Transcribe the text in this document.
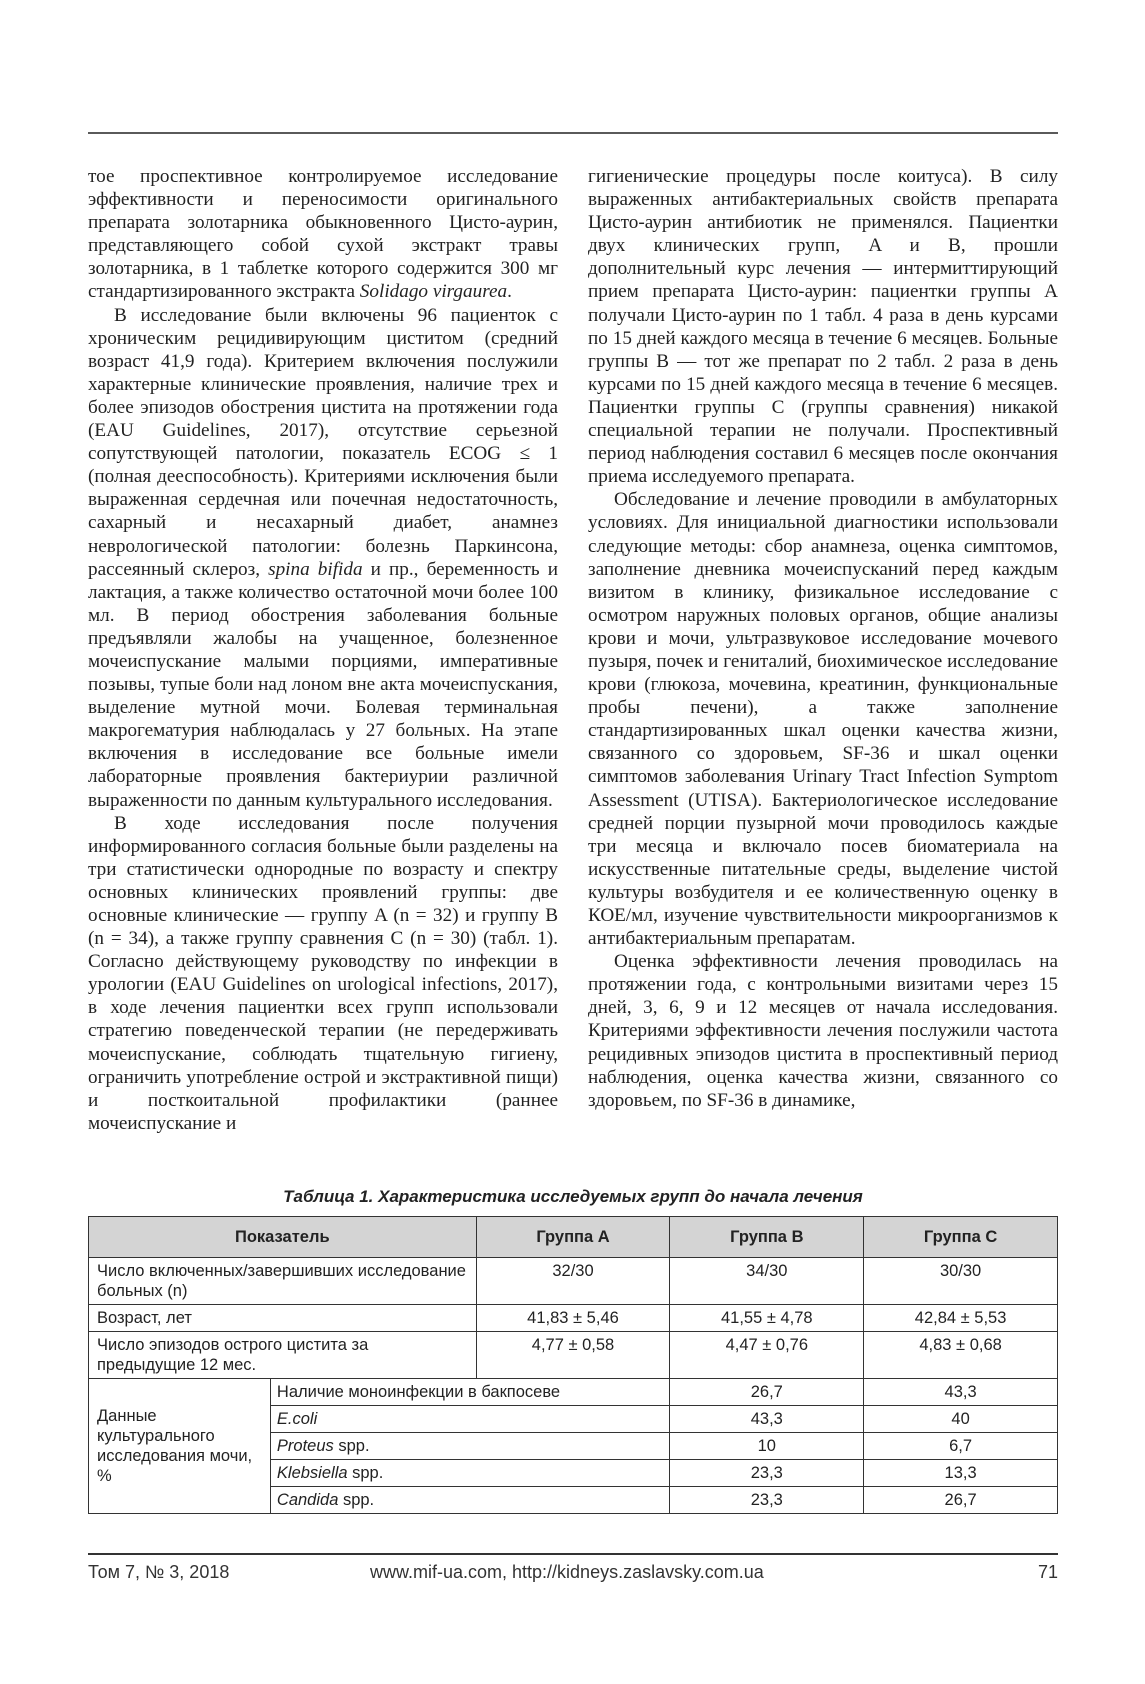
тое проспективное контролируемое исследование эффективности и переносимости оригинального препарата золотарника обыкновенного Цисто-аурин, представляющего собой сухой экстракт травы золотарника, в 1 таблетке которого содержится 300 мг стандартизированного экстракта Solidago virgaurea.

В исследование были включены 96 пациенток с хроническим рецидивирующим циститом (средний возраст 41,9 года). Критерием включения послужили характерные клинические проявления, наличие трех и более эпизодов обострения цистита на протяжении года (EAU Guidelines, 2017), отсутствие серьезной сопутствующей патологии, показатель ECOG ≤ 1 (полная дееспособность). Критериями исключения были выраженная сердечная или почечная недостаточность, сахарный и несахарный диабет, анамнез неврологической патологии: болезнь Паркинсона, рассеянный склероз, spina bifida и пр., беременность и лактация, а также количество остаточной мочи более 100 мл. В период обострения заболевания больные предъявляли жалобы на учащенное, болезненное мочеиспускание малыми порциями, императивные позывы, тупые боли над лоном вне акта мочеиспускания, выделение мутной мочи. Болевая терминальная макрогематурия наблюдалась у 27 больных. На этапе включения в исследование все больные имели лабораторные проявления бактериурии различной выраженности по данным культурального исследования.

В ходе исследования после получения информированного согласия больные были разделены на три статистически однородные по возрасту и спектру основных клинических проявлений группы: две основные клинические — группу A (n = 32) и группу B (n = 34), а также группу сравнения C (n = 30) (табл. 1). Согласно действующему руководству по инфекции в урологии (EAU Guidelines on urological infections, 2017), в ходе лечения пациентки всех групп использовали стратегию поведенческой терапии (не передерживать мочеиспускание, соблюдать тщательную гигиену, ограничить употребление острой и экстрактивной пищи) и посткоитальной профилактики (раннее мочеиспускание и

гигиенические процедуры после коитуса). В силу выраженных антибактериальных свойств препарата Цисто-аурин антибиотик не применялся. Пациентки двух клинических групп, A и B, прошли дополнительный курс лечения — интермиттирующий прием препарата Цисто-аурин: пациентки группы A получали Цисто-аурин по 1 табл. 4 раза в день курсами по 15 дней каждого месяца в течение 6 месяцев. Больные группы B — тот же препарат по 2 табл. 2 раза в день курсами по 15 дней каждого месяца в течение 6 месяцев. Пациентки группы C (группы сравнения) никакой специальной терапии не получали. Проспективный период наблюдения составил 6 месяцев после окончания приема исследуемого препарата.

Обследование и лечение проводили в амбулаторных условиях. Для инициальной диагностики использовали следующие методы: сбор анамнеза, оценка симптомов, заполнение дневника мочеиспусканий перед каждым визитом в клинику, физикальное исследование с осмотром наружных половых органов, общие анализы крови и мочи, ультразвуковое исследование мочевого пузыря, почек и гениталий, биохимическое исследование крови (глюкоза, мочевина, креатинин, функциональные пробы печени), а также заполнение стандартизированных шкал оценки качества жизни, связанного со здоровьем, SF-36 и шкал оценки симптомов заболевания Urinary Tract Infection Symptom Assessment (UTISA). Бактериологическое исследование средней порции пузырной мочи проводилось каждые три месяца и включало посев биоматериала на искусственные питательные среды, выделение чистой культуры возбудителя и ее количественную оценку в КОЕ/мл, изучение чувствительности микроорганизмов к антибактериальным препаратам.

Оценка эффективности лечения проводилась на протяжении года, с контрольными визитами через 15 дней, 3, 6, 9 и 12 месяцев от начала исследования. Критериями эффективности лечения послужили частота рецидивных эпизодов цистита в проспективный период наблюдения, оценка качества жизни, связанного со здоровьем, по SF-36 в динамике,

Таблица 1. Характеристика исследуемых групп до начала лечения
Показатель		Группа A	Группа B	Группа C
Число включенных/завершивших исследование больных (n)		32/30	34/30	30/30
Возраст, лет		41,83 ± 5,46	41,55 ± 4,78	42,84 ± 5,53
Число эпизодов острого цистита за предыдущие 12 мес.		4,77 ± 0,58	4,47 ± 0,76	4,83 ± 0,68
Данные культурального исследования мочи, %	Наличие моноинфекции в бакпосеве		26,7	43,3
	E.coli		43,3	40
	Proteus spp.		10	6,7
	Klebsiella spp.		23,3	13,3
	Candida spp.		23,3	26,7
Том 7, № 3, 2018	www.mif-ua.com, http://kidneys.zaslavsky.com.ua	71
